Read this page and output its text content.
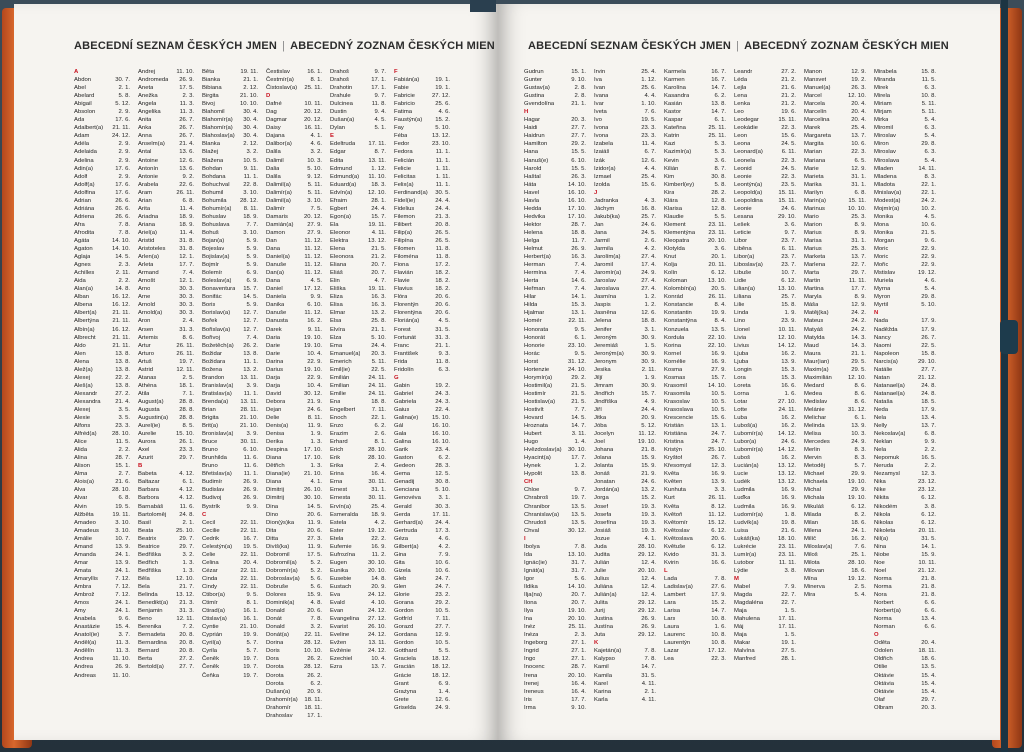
ABECEDNÍ SEZNAM ČESKÝCH JMEN | ABECEDNÝ ZOZNAM ČESKÝCH MIEN
A
Abdon	30. 7.
Abel	2. 1.
Abelard	5. 8.
Abigail	5. 12.
Absolon	2. 9.
Ada	17. 6.
Adalbert(a) 21. 11.
Adam	24. 12.
Adéla	2. 9.
Adelaida	2. 9.
Adelina	2. 9.
Adin(a)	17. 6.
Adolf	2. 9.
Adolf(a)	17. 6.
Adolfina	17. 6.
Adrian	26. 6.
Adriána	26. 6.
Adriena	26. 6.
Afra	7. 8.
Afrodita	7. 8.
Agáta	14. 10.
Agaton	14. 10.
Aglaja	14. 5.
Agnes	2. 3.
Achilles	2. 11.
Aida	2. 2.
Alan(a)	14. 8.
Alban	16. 12.
Albena	16. 12.
Albert(a)	21. 11.
Albertýna 21. 11.
Albín(a)	16. 12.
Albrecht	21. 11.
Aldo	21. 11.
Alen	13. 8.
Alena	13. 8.
Alež(a)	13. 8.
Alexej	22. 2.
Aleš(a)	13. 8.
Alexandr	27. 2.
Alexandra 21. 4.
Alexej	3. 5.
Alexie	3. 5.
Alfons	23. 3.
Alfréd(a)	28. 10.
Alice	11. 5.
Alida	2. 2.
Alina	28. 7.
Alison	15. 1.
Alma	2. 7.
Alois(a)	21. 6.
Alva	28. 10.
Alvar	6. 8.
Alvin	19. 5.
Alžběta	19. 11.
Amadeo	3. 10.
Amadeus	3. 10.
Amálie	10. 7.
Amand	13. 9.
Amanda	24. 1.
Amar	13. 9.
Amata	24. 1.
Amaryllis	7. 12.
Ambra	7. 12.
Ambrož	7. 12.
Amos	24. 1.
Amy	24. 1.
Anabela	9. 6.
Anastázie	15. 4.
Anatol(ie)	3. 7.
Anděl(a)	11. 3.
Andělín	11. 3.
Andrea	11. 10.
Andrea	26. 9.
Andreas	11. 10.
Andrej	11. 10.
Andromeda 26. 9.
Aneta	17. 5.
Anežka	2. 3.
Angela	11. 3.
Angelika	11. 3.
Anita	26. 7.
Anka	26. 7.
Anna	26. 7.
Anselm(a) 21. 4.
Antal	13. 6.
Antoine	12. 6.
Antonín	13. 6.
Antonie	9. 2.
Arabela	22. 6.
Aram	26. 11.
Arian	6. 8.
Arita	11. 4.
Ariadna	18. 9.
Ariana	18. 9.
Ariel(a)	11. 4.
Aristid	31. 8.
Aristoteles 31. 8.
Arlen(a)	12. 1.
Arleta	17. 7.
Armand	7. 4.
Arnošt	12. 1.
Arno	30. 3.
Arne	30. 3.
Arnold	30. 3.
Arnold(a)	30. 3.
Aron	2. 4.
Arsen	31. 3.
Artemis	8. 6.
Artur	26. 11.
Arturo	26. 11.
Artuš	19. 7.
Astrid	12. 11.
Atanas	2. 5.
Athéna	18. 1.
Atila	7. 1.
August(a)	28. 8.
Augusta	28. 8.
Augustin(a) 28. 8.
Aurel(ie)	8. 5.
Aurelie	15. 10.
Aurora	26. 1.
Axel	23. 3.
Azurit	29. 7.
B
Babeta	4. 12.
Baltazar	6. 1.
Barbara	4. 12.
Barbora	4. 12.
Barnabáš	11. 6.
Bartoloměj 24. 8.
Basil	2. 1.
Beata	25. 10.
Beatrix	29. 7.
Beatrice	29. 7.
Bedřiška	3. 2.
Bedřich	1. 3.
Bedřiška	1. 3.
Běla	12. 10.
Bela	21. 7.
Belinda	13. 12.
Benedikt(a) 21. 3.
Benjamin	31. 3.
Beno	12. 11.
Berenika	7. 2.
Bernadeta 20. 8.
Bernardina 20. 8.
Bernard	20. 8.
Berta	27. 2.
Bertold(a)	27. 7.
Běta	19. 11.
Bianka	21. 1.
Bibiana	2. 12.
Birgita	21. 10.
Bivoj	10. 10.
Blahomil	30. 4.
Blahomír(a) 30. 4.
Blahomír(a) 30. 4.
Blahoslav(a) 30. 4.
Blanka	2. 12.
Blažej	3. 2.
Blažena	10. 5.
Bohdan	9. 11.
Bohdana	11. 1.
Bohuchval 22. 8.
Bohumil	3. 10.
Bohumila 28. 12.
Bohumír(a) 8. 11.
Bohuslav	18. 9.
Bohuslava	7. 7.
Bohuš	3. 10.
Bojan(a)	5. 9.
Bojeslav	5. 9.
Bojislav(a)	5. 9.
Bojmír	5. 9.
Bolemír	6. 9.
Boleslav(a)	6. 9.
Bonaventura 15. 7.
Bonifác	14. 5.
Boris	5. 9.
Borislav(a) 12. 7.
Bořek	12. 7.
Bořislav(a) 12. 7.
Bořivoj	7. 4.
Božetěch(a) 26. 2.
Božidar	13. 8.
Božidara	11. 1.
Božena	13. 2.
Brandon	13. 11.
Branislav(a) 3. 9.
Bratislav(a) 11. 1.
Brenda(a) 13. 11.
Brian	28. 11.
Brigita	21. 10.
Brit(a)	21. 10.
Bronislav(a) 3. 9.
Bruce	30. 11.
Bruno	6. 10.
Brunhilda	11. 6.
Bruno	11. 6.
Břetislav(a) 11. 1.
Budimír	26. 9.
Budislav	26. 9.
Budivoj	26. 9.
Bystrík	9. 9.
C
Cecil	22. 11.
Cecilie	22. 11.
Cedrik	16. 7.
Celestýn(a) 19. 5.
Celie	22. 11.
Celina	20. 4.
Cézar	22. 11.
Cinda	22. 11.
Cindy	22. 11.
Ctibor(a)	9. 5.
Ctimír	8. 1.
Ctirad(a)	16. 1.
Ctislav(a)	16. 1.
Cyntie	21. 10.
Cyprián	19. 9.
Cyril(a)	5. 7.
Cyrila	5. 7.
Čeněk	19. 7.
Čeněk	19. 7.
Čeňka	19. 7.
Čestislav	16. 1.
Čestmír(a)	8. 1.
Čistoslav(a) 25. 11.
D
Dafné	10. 11.
Dag	20. 12.
Dagmar	20. 12.
Daisy	16. 11.
Dajana	4. 1.
Dalibor(a)	4. 6.
Dalila	3. 2.
Dalimil	10. 3.
Dalia	5. 10.
Dalila	9. 12.
Dalimil(a)	5. 11.
Dalimír(a)	5. 11.
Dalimil(a)	3. 10.
Dalimír	7. 5.
Damaris	20. 12.
Damián(a) 27. 9.
Damon	27. 9.
Dan	11. 12.
Dana	11. 12.
Daniel(a) 11. 12.
Danuše	11. 12.
Dan(a)	11. 12.
Dana	4. 5.
Daniel	17. 12.
Daniela	9. 9.
Danika	6. 10.
Danuše	11. 12.
Danusta	16. 2.
Darek	9. 11.
Daria	19. 10.
Darie	19. 10.
Darie	10. 4.
Darina	22. 9.
Darius	19. 10.
Darja	22. 9.
Darja	10. 4.
David	30. 12.
Debora	21. 9.
Dejan	24. 6.
Delie	8. 11.
Denis(a)	11. 9.
Denisa	1. 9.
Derika	1. 3.
Despina	17. 10.
Diana	17. 10.
Dětřich	1. 3.
Diana(ie) 21. 10.
Diana	4. 1.
Dimitrij	26. 10.
Dimitrij	30. 10.
Dina	14. 5.
Dino	20. 6.
Dion(ýs)ka 11. 9.
Dita	20. 6.
Ditta	27. 3.
Divíš(ka)	11. 9.
Dobromil	17. 5.
Dobromil(a) 5. 2.
Dobromír(a) 5. 2.
Dobroslav(a) 5. 6.
Dobruše	5. 6.
Dolores	15. 9.
Dominik(a)	4. 8.
Donald	20. 6.
Donát	7. 8.
Donald	3. 2.
Donát(a)	22. 11.
Dorina	28. 12.
Doris	10. 10.
Dora	26. 2.
Dorota	28. 12.
Dorota	26. 2.
Dorota	6. 2.
Dušan(a)	20. 9.
Drahomír(a) 18. 11.
Drahomír 18. 11.
Drahoslav 17. 1.
Drahoš	9. 7.
Drahoš	17. 1.
Drahotin	17. 1.
Drahule	9. 7.
Dulcinea	11. 8.
Dustin	9. 4.
Dušan(a)	4. 5.
Dylan	5. 1.
E
Edeltruda 17. 11.
Edgar	8. 7.
Edita	13. 11.
Edmund	1. 12.
Edmund(a) 11. 10.
Eduard(a)	18. 3.
Edvín(a)	12. 10.
Efraim	28. 1.
Egbert	24. 4.
Egon(a)	15. 7.
Ela	19. 11.
Eleonor	4. 11.
Elektra	13. 12.
Elena	21. 5.
Eleonora	21. 2.
Eliana	20. 7.
Eliáš	20. 7.
Elin	4. 7.
Eliška	19. 11.
Eliza	16. 3.
Elisa	16. 3.
Elmar	13. 2.
Elsa	25. 8.
Elvíra	21. 1.
Elza	5. 10.
Ema	24. 4.
Emanuel(a) 20. 3.
Emerich	5. 11.
Emil(ie)	22. 5.
Emilián	24. 11.
Emilian	24. 11.
Emilie	24. 11.
Ena	18. 8.
Engelbert	7. 11.
Enoch	22. 1.
Enzo	6. 2.
Erazim	2. 6.
Erhard	8. 1.
Erich	28. 10.
Erik	28. 10.
Erika	2. 4.
Erina	16. 4.
Erna	30. 11.
Ernest	31. 1.
Ernesta	30. 11.
Ervín(a)	25. 4.
Esmeralda 18. 9.
Estela	4. 2.
Ester	19. 12.
Etela	22. 2.
Eufemie	16. 9.
Eufrozína	11. 2.
Eugen	30. 10.
Eunika	20. 10.
Eusebie	14. 8.
Eustach	20. 9.
Eva	24. 12.
Evald	4. 10.
Evan	24. 12.
Evangelina 27. 12.
Evarist	26. 10.
Eveline	24. 12.
Evžen	13. 11.
Evžénie	24. 12.
Ezechiel	10. 4.
Ezra	13. 7.
F
Fabián(a)	19. 1.
Fabie	19. 1.
Fabricie	27. 12.
Fabricio	25. 6.
Fatima	4. 6.
Faustýn(a) 15. 2.
Fay	5. 10.
Féba	13. 12.
Fedor	23. 10.
Fedora	11. 1.
Felicián	11. 1.
Felicie	1. 11.
Felicitas	1. 11.
Felix(a)	11. 1.
Ferdinand(a) 30. 5.
Fidel(ie)	24. 4.
Fidelius	24. 4.
Filemon	21. 3.
Filibert	20. 8.
Filip(a)	26. 5.
Filipína	26. 5.
Filomen	11. 8.
Filoména	11. 8.
Fiona	17. 2.
Flavián	18. 2.
Flavie	18. 2.
Flavius	18. 2.
Flóra	20. 6.
Florentýn	20. 6.
Florentýna 20. 6.
Florián(a)	4. 5.
Forest	31. 5.
Fortunát	31. 3.
Franc	21. 1.
František	9. 3.
Frida	11. 8.
Fridolín	6. 3.
G
Gabin	19. 2.
Gabriel	24. 3.
Gabriela	24. 3.
Gaius	22. 4.
Galina(e) 15. 10.
Gál	16. 10.
Gala	16. 10.
Galina	16. 10.
Garik	23. 4.
Gaston	6. 2.
Gedeon	28. 3.
Gema	12. 5.
Genadij	30. 8.
Genciana	5. 10.
Genovéva	3. 1.
Gerald	30. 3.
Gerda	17. 11.
Gerhard(a) 24. 4.
Gertruda	17. 3.
Géza	4. 6.
Gilbert(a)	4. 2.
Gina	7. 9.
Gita	10. 6.
Gizela	10. 6.
Gleb	24. 7.
Glen	24. 7.
Glorie	23. 2.
Gorana	29. 2.
Gordon	10. 5.
Gotfríd	7. 11.
Gorazd	27. 7.
Gordana	12. 9.
Gordon	10. 5.
Gotthard	5. 5.
Graciela	18. 12.
Gracián	18. 12.
Grácie	18. 12.
Grant	6. 9.
Grażyna	1. 4.
Grete	12. 6.
Griselda	24. 9.
ABECEDNÍ SEZNAM ČESKÝCH JMEN | ABECEDNÝ ZOZNAM ČESKÝCH MIEN
Gudrun	15. 1.
Gunter	9. 10.
Gustav(a)	2. 8.
Gustina	2. 8.
Gvendolína	21. 1.
H
Hagar	20. 3.
Haidi	27. 7.
Haidrun	27. 7.
Hamilton	29. 2.
Hana	15. 5.
Hanuš(e)	6. 10.
Harold	15. 5.
Haštal	26. 3.
Háta	14. 10.
Havel	16. 10.
Havla	16. 10.
Hedda	17. 10.
Hedvika	17. 10.
Hektor	28. 7.
Helena	18. 8.
Helga	11. 7.
Helmut	26. 9.
Herbert(a)	16. 3.
Herman	7. 4.
Hermína	7. 4.
Herta	14. 6.
Heřman	7. 4.
Hilar	14. 1.
Hilda	15. 3.
Hjalmar	13. 1.
Homér	22. 11.
Honorata	9. 5.
Honorát	6. 1.
Honorie	23. 10.
Horác	9. 5.
Horst	31. 12.
Hortenzie	24. 10.
Horymír(a)	29. 2.
Hostimil(a)	21. 5.
Hostimír	21. 5.
Hostislav(a)	21. 5.
Hostivít	7. 7.
Hovard	14. 5.
Hroznata	14. 7.
Hubert	3. 11.
Hugo	1. 4.
Hvězdoslav(a) 30. 10.
Hyacint(a)	17. 7.
Hynek	1. 2.
Hypolit	13. 8.
CH
Chloe	9. 7.
Chrabroš	19. 7.
Chranibor	13. 5.
Chranislav(a) 13. 5.
Chrudoš	13. 5.
Chval	30. 12.
I
Ibolya	7. 8.
Ida	13. 10.
Ignác(ie)	31. 7.
Ignát(a)	31. 7.
Igor	5. 6.
Ildika	14. 10.
Ilja(na)	20. 7.
Ilona	20. 7.
Ilya	19. 10.
Ina	20. 10.
Inéz	25. 11.
Inéza	2. 3.
Ingeborg	27. 1.
Ingrid	27. 1.
Ingo	27. 1.
Inocenc	28. 7.
Irena	20. 10.
Irenej	16. 4.
Ireneus	16. 4.
Iris	17. 7.
Irma	9. 10.
Irvin	25. 4.
Iva	1. 12.
Ivan	25. 6.
Ivana	4. 4.
Ivar	1. 10.
Iveta	7. 6.
Ivo	19. 5.
Ivona	23. 3.
Ivona	23. 3.
Izabela	11. 4.
Izaiáš	6. 7.
Izák	12. 6.
Izidor(a)	4. 4.
Izmael	25. 4.
Izolda	15. 6.
J
Jadranka	4. 3.
Jáchym	16. 8.
Jakub(ka)	25. 7.
Jan	24. 6.
Jana	24. 5.
Jarmil	2. 6.
Jarmila	4. 2.
Jarolím(a)	27. 4.
Jaromil	17. 4.
Jaromír(a)	24. 9.
Jaroslav	27. 4.
Jaroslava	27. 4.
Jasmína	1. 2.
Jaspis	1. 2.
Jasněna	12. 6.
Jelena	18. 8.
Jenifer	3. 1.
Jeroným	30. 9.
Jeremiáš	1. 5.
Jeroným(a)	30. 9.
Jeronym	30. 9.
Jesika	2. 11.
Jiljí	1. 9.
Jimram	30. 9.
Jindřich	15. 7.
Jindřiška	4. 9.
Jiří	24. 4.
Jitka	20. 9.
Jóba	5. 12.
Jocelyn	11. 12.
Joel	19. 10.
Johana	21. 8.
Jolana	15. 9.
Jolanta	15. 9.
Jonáš	21. 9.
Jonatan	24. 6.
Jordán(a)	13. 2.
Jorga	15. 2.
Josef	19. 3.
Josefa	19. 3.
Josefína	19. 3.
Josiáš	19. 3.
Jozue	4. 1.
Juda	28. 10.
Judita	29. 12.
Julián	12. 4.
Julie	20. 10.
Julius	12. 4.
Juliána	12. 4.
Julián(a)	12. 4.
Julita	29. 12.
Jurij	29. 12.
Justina	26. 9.
Justína	26. 9.
Juta	29. 12.
K
Kajetán(a)	7. 8.
Kalypso	7. 8.
Kamil	14. 7.
Kamila	31. 5.
Karel	4. 11.
Karina	2. 1.
Karla	4. 11.
Karmela	16. 7.
Karmen	16. 7.
Karolína	14. 7.
Kasandra	6. 2.
Kasián	13. 8.
Kastor	14. 7.
Kaspar	6. 1.
Kateřina	25. 11.
Katrin	25. 11.
Kazi	5. 3.
Kazimír(a)	5. 3.
Kevin	3. 6.
Kilián	8. 7.
Kim	30. 8.
Kimberl(ey)	5. 8.
Kira	28. 2.
Klára	12. 8.
Klarisa	12. 8.
Klaudie	5. 5.
Klement	23. 11.
Klementýna 23. 11.
Kleopatra	20. 10.
Klotylda	3. 6.
Knut	20. 1.
Kolja	20. 11.
Kolín	6. 12.
Koloman	13. 10.
Kolombín(a)	20. 5.
Konrád	26. 11.
Konstancie	8. 4.
Konstantin	19. 9.
Konstantýna	8. 4.
Konzuela	13. 5.
Kordula	22. 10.
Korina	22. 10.
Kornel	16. 9.
Kornélie	16. 9.
Kosma	27. 9.
Kosmas	15. 7.
Krasomil	14. 10.
Krasomila	10. 5.
Krasoslav	10. 5.
Krasoslava	10. 5.
Krescencie	15. 6.
Kristián	13. 1.
Kristiána	24. 7.
Kristina	24. 7.
Kristýn	25. 10.
Kryštof	26. 7.
Křesomysl	12. 3.
Květa	16. 9.
Květen	13. 9.
Kunhuta	3. 3.
Kurt	26. 11.
Květa	8. 12.
Květoň	11. 12.
Květomír	15. 12.
Květoslav	6. 12.
Květoslava	20. 6.
Květuše	6. 12.
Kvido	31. 3.
Kvirin	16. 6.
L
Lada	7. 8.
Ladislav(a)	27. 6.
Lambert	17. 9.
Lara	15. 2.
Larisa	14. 7.
Lars	10. 8.
Laura	1. 6.
Laurenc	10. 8.
Laurentýn	10. 8.
Lazar	17. 12.
Lea	22. 3.
Leandr	27. 2.
Léda	21. 2.
Lejla	21. 6.
Lena	21. 2.
Lenka	21. 2.
Leo	19. 6.
Leodegar	15. 11.
Leokádie	22. 3.
Leon	15. 6.
Leona	24. 5.
Leonard(a)	6. 11.
Leonela	22. 3.
Leonid	24. 5.
Leonie	22. 3.
Leontýn(a)	23. 5.
Leopold(a)	15. 11.
Leopoldina	15. 11.
Leonie	24. 6.
Lesana	29. 10.
Lešek	3. 6.
Leticie	9. 7.
Libor	23. 7.
Liběna	6. 11.
Libor(a)	23. 7.
Liboslav(a)	23. 7.
Libuše	10. 7.
Lidie	6. 12.
Lilian(a)	13. 10.
Liliana	25. 7.
Lilie	15. 8.
Linda	1. 9.
Lino	23. 9.
Lionel	10. 11.
Livia	12. 10.
Livius	14. 12.
Ljuba	16. 2.
Ljuba	13. 9.
Longin	15. 3.
Lora	15. 3.
Loreta	16. 6.
Lorna	1. 6.
Lotar	27. 10.
Lotte	24. 11.
Luba	16. 2.
Luboš(a)	16. 2.
Lubomír(a)	14. 12.
Lubor(a)	24. 6.
Lubomír(a)	14. 12.
Luboš	16. 2.
Lucián(a)	13. 12.
Lucie	13. 12.
Ludék	13. 12.
Ludmila	16. 9.
Luďka	16. 9.
Ludmila	16. 9.
Ludomír(a)	1. 8.
Ludvík(a)	19. 8.
Luisa	21. 6.
Lukáš(ka)	18. 10.
Lukrécie	23. 11.
Lumír(a)	23. 11.
Lutobor	11. 11.
Lýdie	3. 8.
M
Mabel	7. 9.
Magda	22. 7.
Magdaléna	22. 7.
Maja	1. 5.
Mahulena	17. 11.
Máj	17. 11.
Maja	1. 5.
Makar	19. 1.
Malvína	27. 5.
Manfred	28. 1.
Manon	12. 9.
Mansvet	19. 2.
Manuel(a)	26. 3.
Marcel	12. 10.
Marcela	20. 4.
Marcelín	20. 4.
Marcelina	20. 4.
Marek	25. 4.
Margareta	13. 7.
Margita	10. 6.
Marian	22. 3.
Mariana	6. 5.
Marie	12. 9.
Marieta	31. 1.
Marika	31. 1.
Marilyn	6. 8.
Marin(a)	15. 11.
Marinus	10. 10.
Mario	25. 3.
Marion	8. 9.
Marius	8. 9.
Marisa	31. 1.
Marius	25. 3.
Marketa	13. 7.
Marlena	22. 7.
Marta	29. 7.
Martin	11. 11.
Martina	17. 7.
Maryla	8. 9.
Máša	12. 9.
Matěj(ka)	24. 2.
Mateus	24. 2.
Matyáš	24. 2.
Matylda	14. 3.
Maud	14. 3.
Maura	21. 1.
Maur(ian)	29. 5.
Maxim(a)	29. 5.
Maximilián	12. 10.
Medard	8. 6.
Medea	8. 6.
Medislav	8. 6.
Melánie	31. 12.
Melichar	6. 1.
Melinda	13. 9.
Melisa	10. 3.
Mercedes	24. 9.
Merlin	8. 3.
Mervin	8. 3.
Metoděj	5. 7.
Michael	29. 9.
Michaela	19. 10.
Michal	29. 9.
Michala	19. 10.
Mikuláš	6. 12.
Milada	8. 2.
Milan	18. 6.
Milena	24. 1.
Milíč	16. 2.
Miloslav(a)	7. 6.
Miloš	25. 1.
Milota	28. 10.
Milovan	18. 6.
Mína	19. 12.
Minerva	2. 5.
Mira	5. 4.
Mirabela	15. 8.
Miranda	11. 5.
Mirek	6. 3.
Mirela	10. 8.
Miriam	5. 11.
Mirjam	5. 11.
Mirka	5. 4.
Miromil	6. 3.
Miroslav	5. 4.
Miron	29. 8.
Miroslav	6. 3.
Miroslava	5. 4.
Mladen	14. 11.
Mladena	8. 3.
Mladota	22. 1.
Mnislav(a)	22. 1.
Modest(a)	24. 2.
Mojmír(a)	10. 2.
Monika	4. 5.
Mona	10. 6.
Monika	21. 5.
Morgan	9. 6.
Moric	22. 9.
Moric	22. 9.
Mořic	22. 9.
Mstislav	19. 12.
Muriela	4. 6.
Myrna	5. 4.
Myron	29. 8.
Myrtil	5. 10.
N
Nada	17. 9.
Naděžda	17. 9.
Nancy	26. 7.
Naomi	22. 5.
Napoleon	15. 8.
Narcis(a)	29. 10.
Natálie	27. 7.
Natan	21. 12.
Natanael(a)	24. 8.
Natanael(a)	24. 8.
Nataša	18. 5.
Neda	17. 9.
Nela	13. 4.
Nelly	13. 7.
Nekoslav(a)	6. 8.
Neklan	9. 9.
Nela	2. 2.
Nepomuk	16. 5.
Neruda	2. 2.
Nezamysl	12. 3.
Nika	23. 12.
Nike	23. 12.
Nikita	6. 12.
Nikodém	3. 8.
Nikola	6. 12.
Nikolas	6. 12.
Nikoleta	20. 11.
Nil(a)	31. 5.
Nina	14. 1.
Niobe	15. 9.
Noe	10. 11.
Noel	21. 12.
Norma	21. 8.
Norma	21. 8.
Nora	21. 8.
Norbert	6. 6.
Norbert(a)	6. 6.
Norma	13. 4.
Norman	6. 6.
O
Oděta	20. 4.
Odolen	18. 11.
Oldřich	18. 6.
Otilie	13. 5.
Oktávie	15. 4.
Oktávia	15. 4.
Oktávie	15. 4.
Olaf	29. 7.
Olbram	20. 3.
